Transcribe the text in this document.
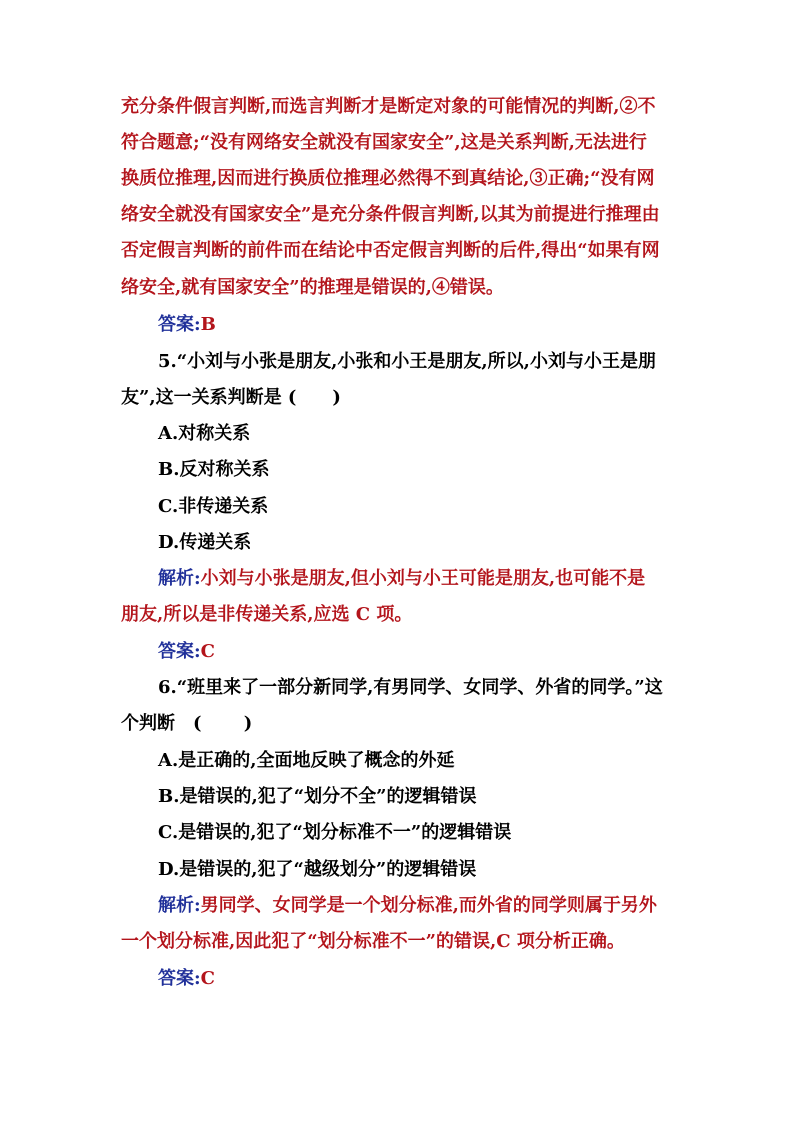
充分条件假言判断,而选言判断才是断定对象的可能情况的判断,②不
符合题意;“没有网络安全就没有国家安全”,这是关系判断,无法进行
换质位推理,因而进行换质位推理必然得不到真结论,③正确;“没有网
络安全就没有国家安全”是充分条件假言判断,以其为前提进行推理由
否定假言判断的前件而在结论中否定假言判断的后件,得出“如果有网
络安全,就有国家安全”的推理是错误的,④错误。
答案:B
5.“小刘与小张是朋友,小张和小王是朋友,所以,小刘与小王是朋
友”,这一关系判断是 (　　)
A.对称关系
B.反对称关系
C.非传递关系
D.传递关系
解析:小刘与小张是朋友,但小刘与小王可能是朋友,也可能不是
朋友,所以是非传递关系,应选 C 项。
答案:C
6.“班里来了一部分新同学,有男同学、女同学、外省的同学。”这
个判断　( 　　)
A.是正确的,全面地反映了概念的外延
B.是错误的,犯了“划分不全”的逻辑错误
C.是错误的,犯了“划分标准不一”的逻辑错误
D.是错误的,犯了“越级划分”的逻辑错误
解析:男同学、女同学是一个划分标准,而外省的同学则属于另外
一个划分标准,因此犯了“划分标准不一”的错误,C 项分析正确。
答案:C
